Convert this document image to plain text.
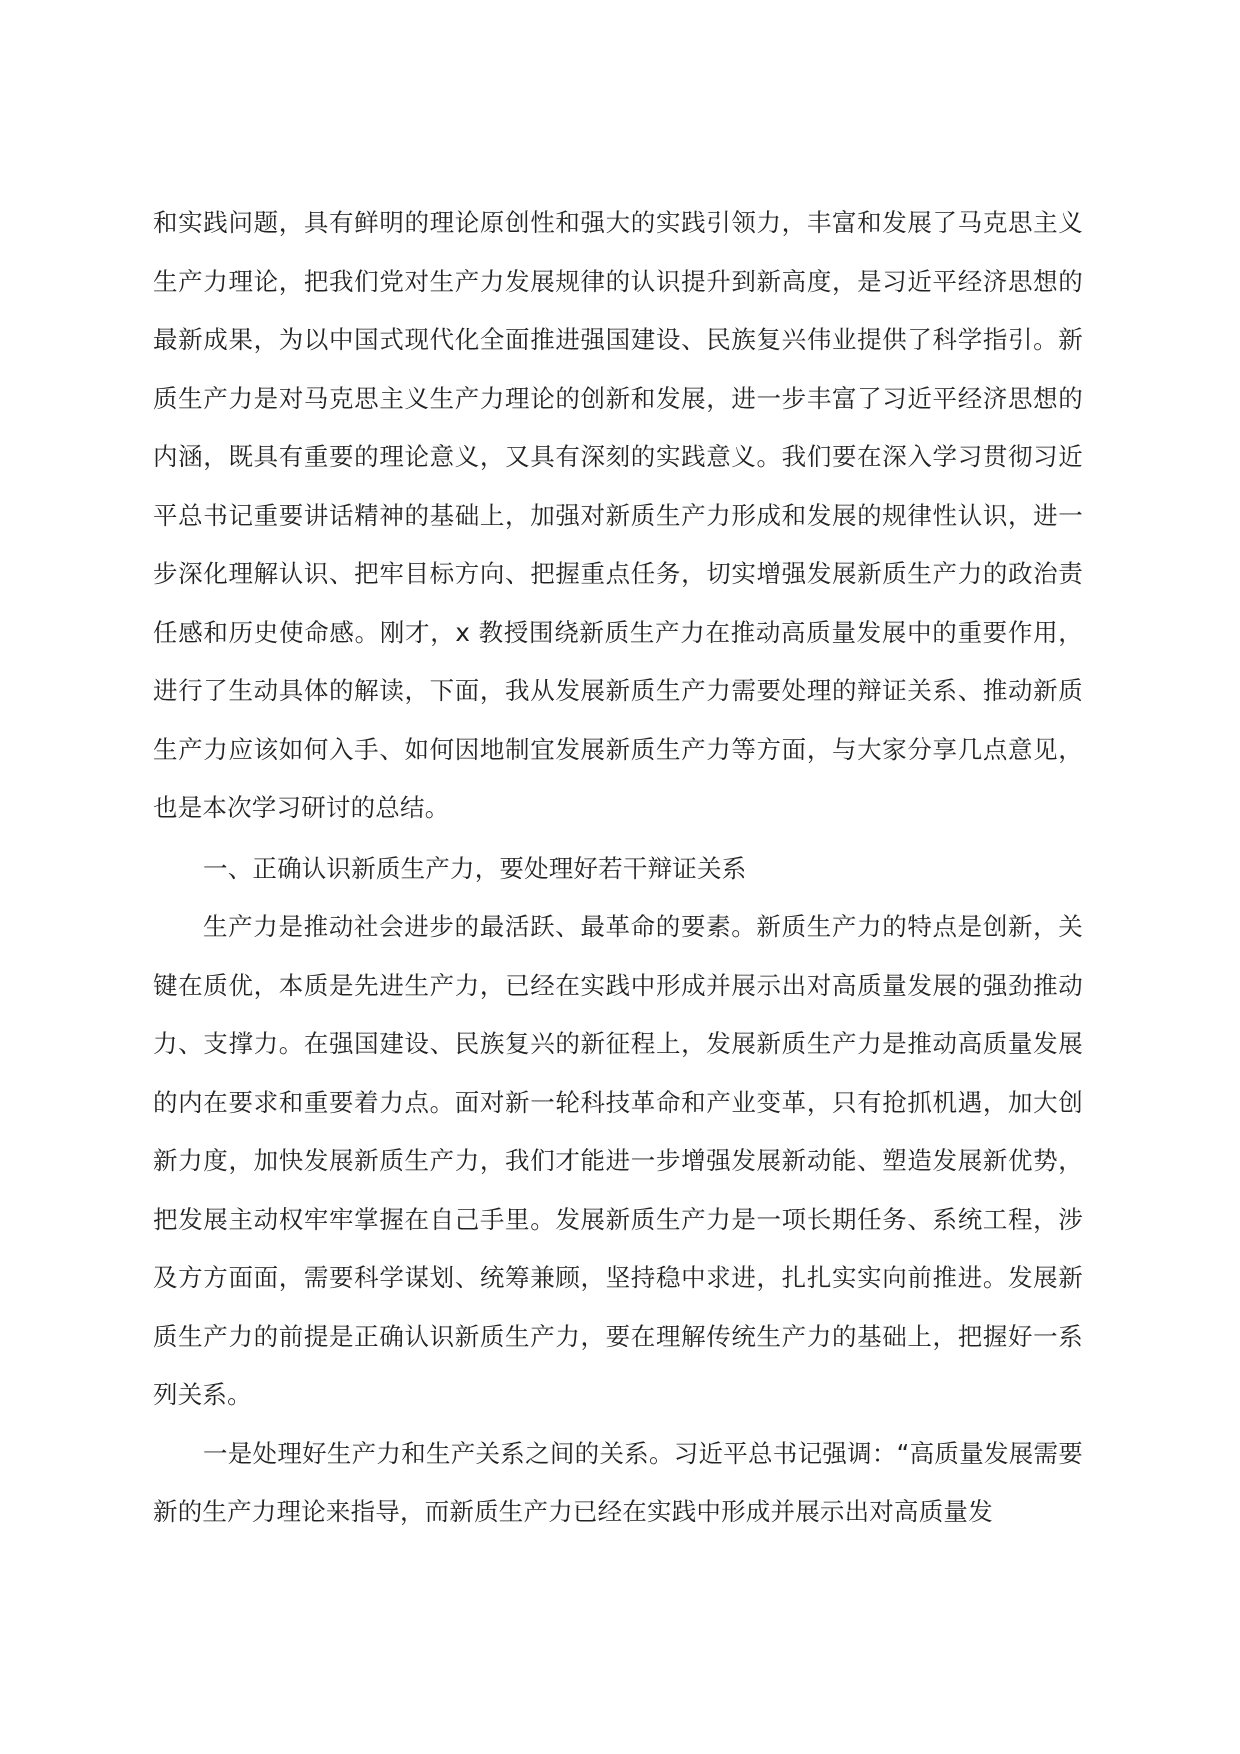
和实践问题，具有鲜明的理论原创性和强大的实践引领力，丰富和发展了马克思主义生产力理论，把我们党对生产力发展规律的认识提升到新高度，是习近平经济思想的最新成果，为以中国式现代化全面推进强国建设、民族复兴伟业提供了科学指引。新质生产力是对马克思主义生产力理论的创新和发展，进一步丰富了习近平经济思想的内涵，既具有重要的理论意义，又具有深刻的实践意义。我们要在深入学习贯彻习近平总书记重要讲话精神的基础上，加强对新质生产力形成和发展的规律性认识，进一步深化理解认识、把牢目标方向、把握重点任务，切实增强发展新质生产力的政治责任感和历史使命感。刚才，x 教授围绕新质生产力在推动高质量发展中的重要作用，进行了生动具体的解读，下面，我从发展新质生产力需要处理的辩证关系、推动新质生产力应该如何入手、如何因地制宜发展新质生产力等方面，与大家分享几点意见，也是本次学习研讨的总结。

一、正确认识新质生产力，要处理好若干辩证关系

生产力是推动社会进步的最活跃、最革命的要素。新质生产力的特点是创新，关键在质优，本质是先进生产力，已经在实践中形成并展示出对高质量发展的强劲推动力、支撑力。在强国建设、民族复兴的新征程上，发展新质生产力是推动高质量发展的内在要求和重要着力点。面对新一轮科技革命和产业变革，只有抢抓机遇，加大创新力度，加快发展新质生产力，我们才能进一步增强发展新动能、塑造发展新优势，把发展主动权牢牢掌握在自己手里。发展新质生产力是一项长期任务、系统工程，涉及方方面面，需要科学谋划、统筹兼顾，坚持稳中求进，扎扎实实向前推进。发展新质生产力的前提是正确认识新质生产力，要在理解传统生产力的基础上，把握好一系列关系。

一是处理好生产力和生产关系之间的关系。习近平总书记强调：“高质量发展需要新的生产力理论来指导，而新质生产力已经在实践中形成并展示出对高质量发
